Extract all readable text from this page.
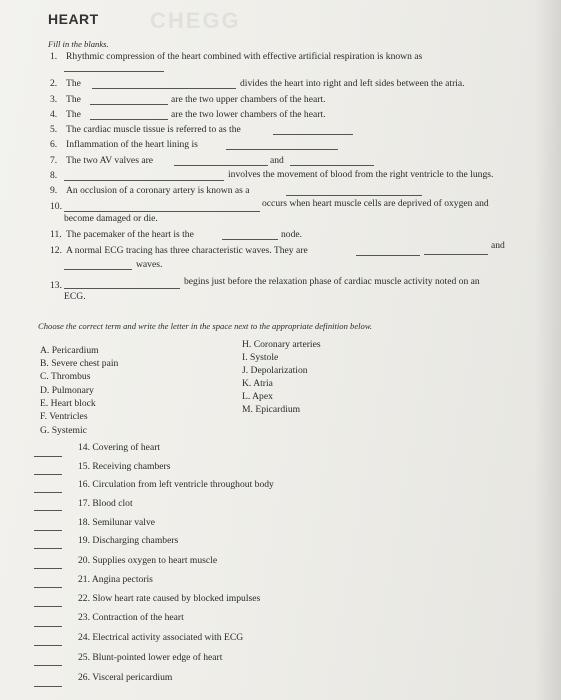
CHEGG
HEART
Fill in the blanks.
1. Rhythmic compression of the heart combined with effective artificial respiration is known as
2. The	divides the heart into right and left sides between the atria.
3. The	are the two upper chambers of the heart.
4. The	are the two lower chambers of the heart.
5. The cardiac muscle tissue is referred to as the
6. Inflammation of the heart lining is
7. The two AV valves are	and
8.	involves the movement of blood from the right ventricle to the lungs.
9. An occlusion of a coronary artery is known as a
10.	occurs when heart muscle cells are deprived of oxygen and
become damaged or die.
11. The pacemaker of the heart is the	node.
12. A normal ECG tracing has three characteristic waves. They are	and
waves.
13.	begins just before the relaxation phase of cardiac muscle activity noted on an
ECG.
Choose the correct term and write the letter in the space next to the appropriate definition below.
A. Pericardium
B. Severe chest pain
C. Thrombus
D. Pulmonary
E. Heart block
F. Ventricles
G. Systemic
H. Coronary arteries
I. Systole
J. Depolarization
K. Atria
L. Apex
M. Epicardium
14. Covering of heart
15. Receiving chambers
16. Circulation from left ventricle throughout body
17. Blood clot
18. Semilunar valve
19. Discharging chambers
20. Supplies oxygen to heart muscle
21. Angina pectoris
22. Slow heart rate caused by blocked impulses
23. Contraction of the heart
24. Electrical activity associated with ECG
25. Blunt-pointed lower edge of heart
26. Visceral pericardium
